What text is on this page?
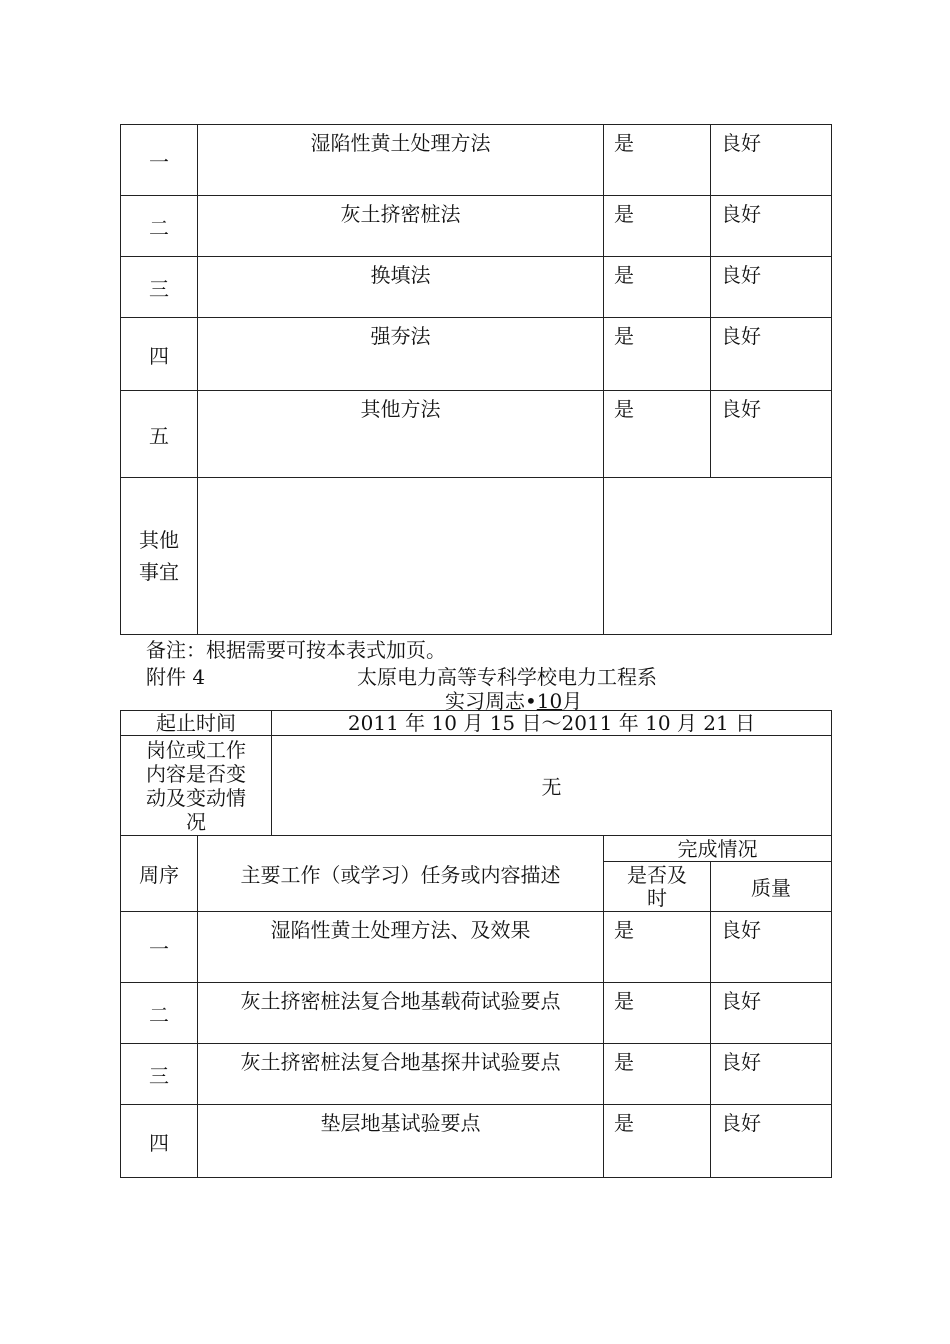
一	湿陷性黄土处理方法	是	良好
二	灰土挤密桩法	是	良好
三	换填法	是	良好
四	强夯法	是	良好
五	其他方法	是	良好

其他
事宜			

备注：根据需要可按本表式加页。
附件 4	太原电力高等专科学校电力工程系
实习周志•10月
起止时间		2011 年 10 月 15 日～2011 年 10 月 21 日		

岗位或工作
内容是否变
动及变动情
况		无		
周序	主要工作（或学习）任务或内容描述		完成情况	

			是否及
时	质量
一	湿陷性黄土处理方法、及效果		是	良好
二	灰土挤密桩法复合地基载荷试验要点		是	良好
三	灰土挤密桩法复合地基探井试验要点		是	良好
四	垫层地基试验要点		是	良好
